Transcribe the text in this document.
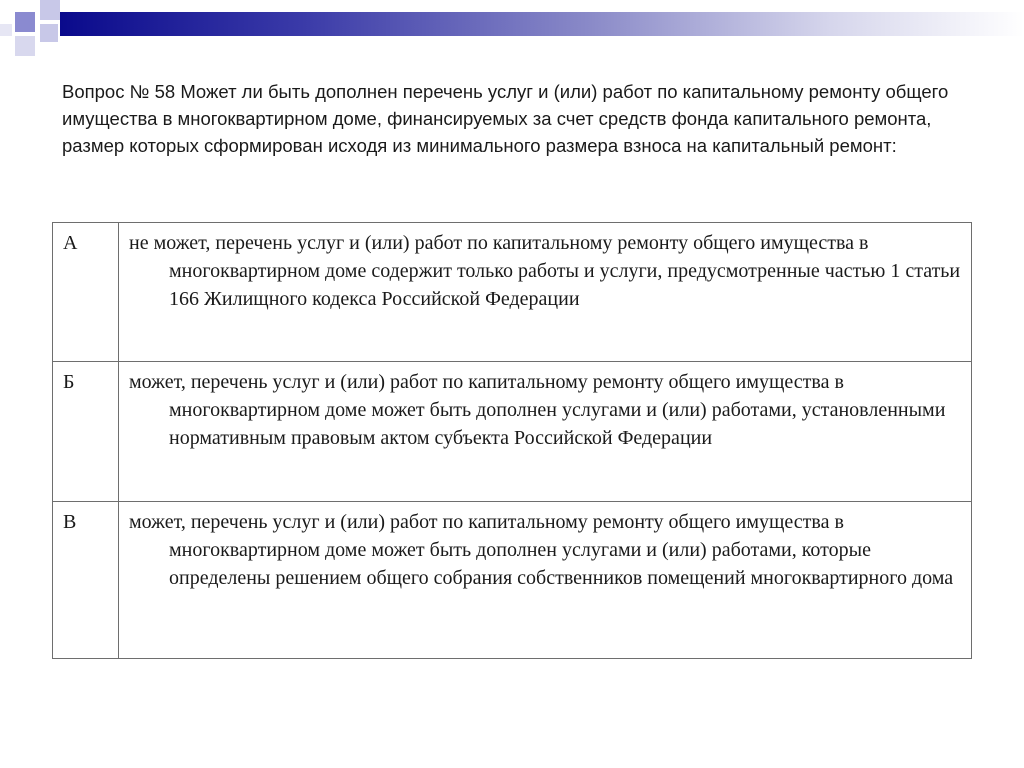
Вопрос № 58 Может ли быть дополнен перечень услуг и (или) работ по капитальному ремонту общего имущества в многоквартирном доме, финансируемых за счет средств фонда капитального ремонта, размер которых сформирован исходя из минимального размера взноса на капитальный ремонт:

А	не может, перечень услуг и (или) работ по капитальному ремонту общего имущества в многоквартирном доме содержит только работы и услуги, предусмотренные частью 1 статьи 166 Жилищного кодекса Российской Федерации
Б	может, перечень услуг и (или) работ по капитальному ремонту общего имущества в многоквартирном доме может быть дополнен услугами и (или) работами, установленными нормативным правовым актом субъекта Российской Федерации
В	может, перечень услуг и (или) работ по капитальному ремонту общего имущества в многоквартирном доме может быть дополнен услугами и (или) работами, которые определены решением общего собрания собственников помещений многоквартирного дома
